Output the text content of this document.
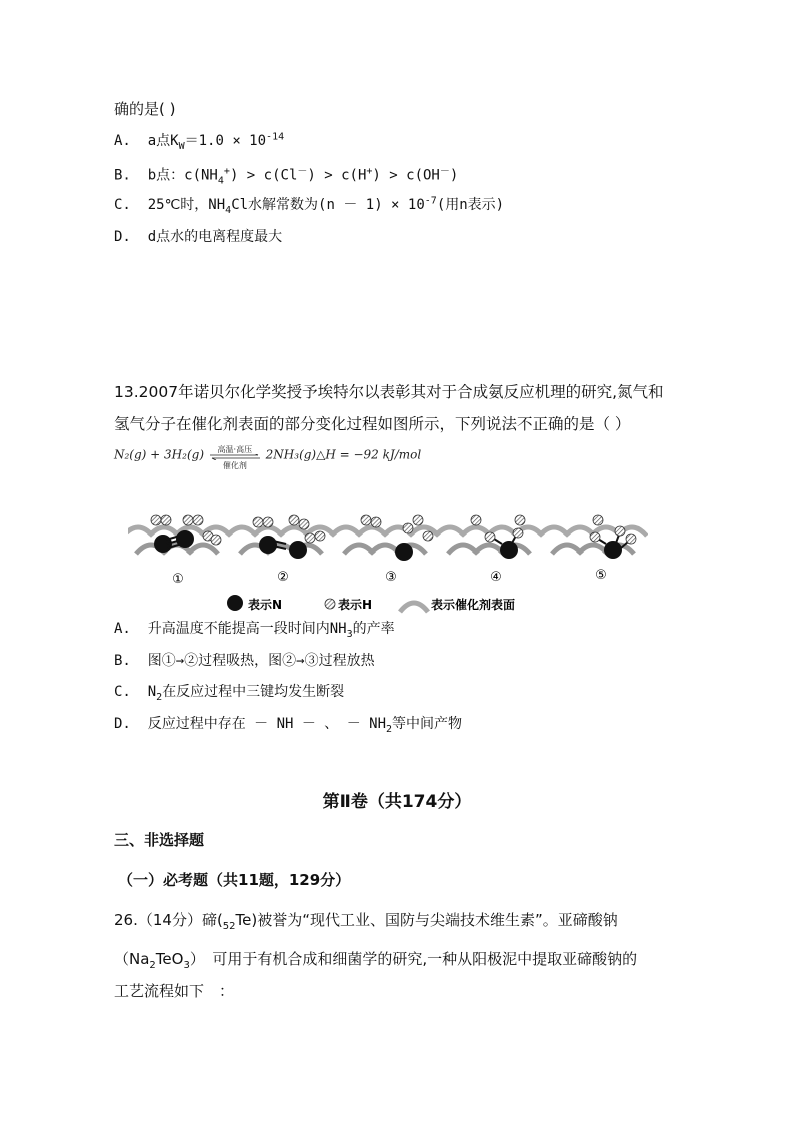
确的是( )
A. a点$K_W=1.0 \times 10^{-14}$
B. b点：$c(NH_4^+) > c(Cl^-) > c(H^+) > c(OH^-)$
C. 25℃时，$NH_4Cl$水解常数为$(n - 1) \times 10^{-7}$(用n表示)
D. d点水的电离程度最大
13.2007年诺贝尔化学奖授予埃特尔以表彰其对于合成氨反应机理的研究,氮气和
氢气分子在催化剂表面的部分变化过程如图所示，下列说法不正确的是（ ）
N₂(g) + 3H₂(g)	高温·高压
催化剂
2NH₃(g)△H = −92 kJ/mol
①	②	③	④	⑤
表示N	表示H	表示催化剂表面
A. 升高温度不能提高一段时间内$NH_3$的产率
B. 图①→②过程吸热，图②→③过程放热
C. $N_2$在反应过程中三键均发生断裂
D. 反应过程中存在 － NH － 、 － $NH_2$等中间产物
第Ⅱ卷（共174分）
三、非选择题
（一）必考题（共11题，129分）
26.（14分）碲$(_{52}Te)$被誉为“现代工业、国防与尖端技术维生素”。亚碲酸钠
$(Na_2TeO_3)$　可用于有机合成和细菌学的研究,一种从阳极泥中提取亚碲酸钠的
工艺流程如下　：
